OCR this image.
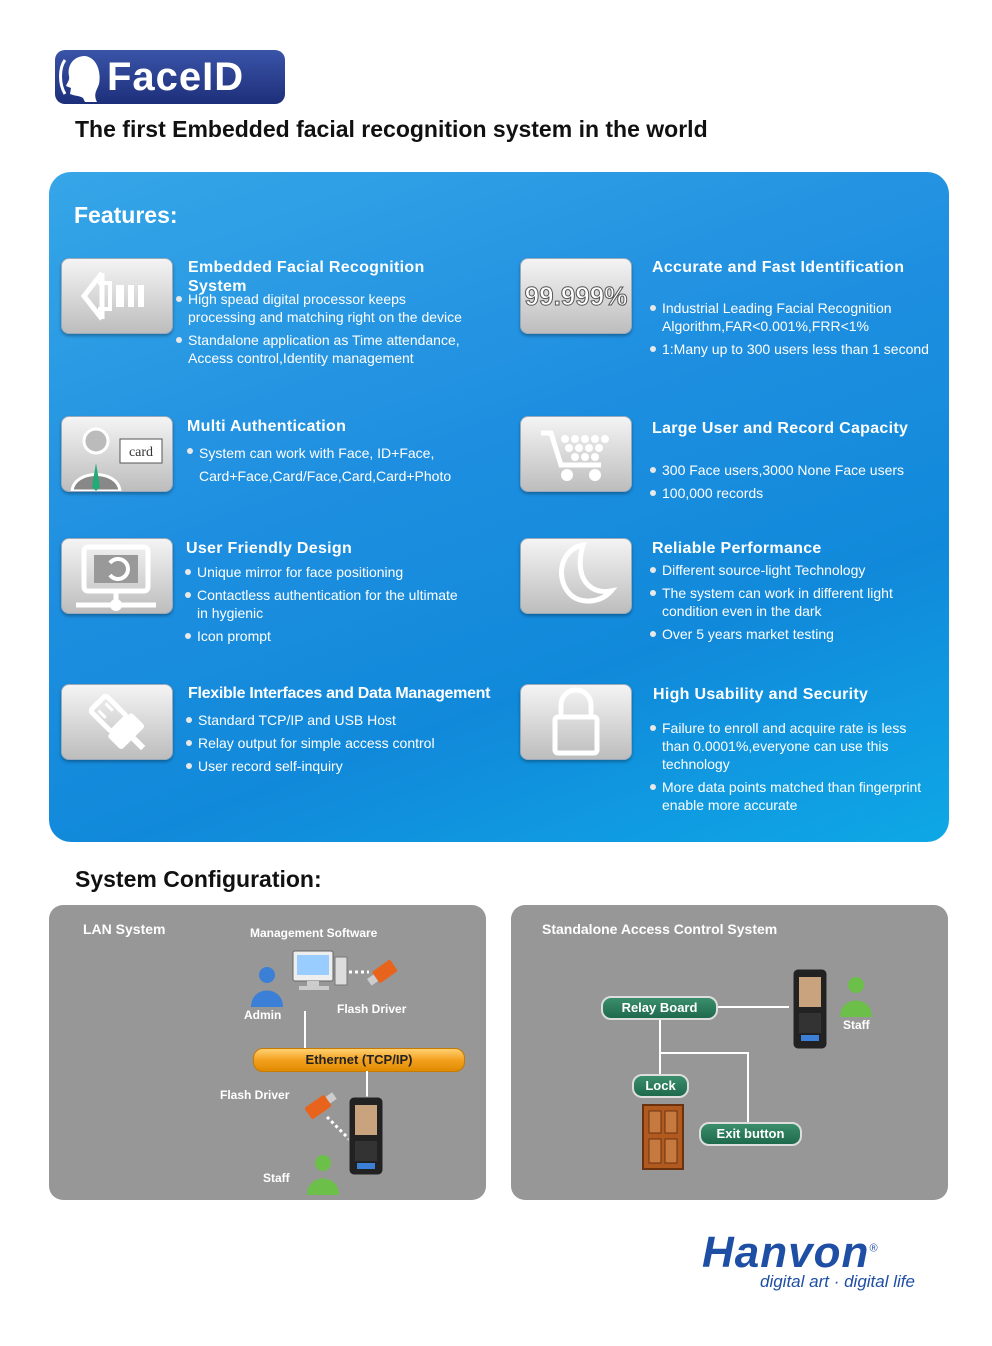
FaceID
The first Embedded facial recognition system in the world
Features:
Embedded Facial Recognition System
High spead digital processor keeps processing and matching right on the device
Standalone application as Time attendance, Access control,Identity management
99.999%
Accurate and Fast Identification
Industrial Leading Facial Recognition Algorithm,FAR<0.001%,FRR<1%
1:Many up to 300 users less than 1 second
card
Multi Authentication
System can work with Face, ID+Face, Card+Face,Card/Face,Card,Card+Photo
Large User and Record Capacity
300 Face users,3000 None Face users
100,000 records
User Friendly Design
Unique mirror for face positioning
Contactless authentication for the ultimate in hygienic
Icon prompt
Reliable Performance
Different source-light Technology
The system can work in different light condition even in the dark
Over 5 years market testing
Flexible Interfaces and Data Management
Standard TCP/IP and USB Host
Relay output for simple access control
User record self-inquiry
High Usability and Security
Failure to enroll and acquire rate is less than 0.0001%,everyone can use this technology
More data points matched than fingerprint enable more accurate
System Configuration:
LAN System	Management Software
Admin	Flash Driver
Ethernet (TCP/IP)
Flash Driver
Staff
Standalone Access Control System
Relay Board
Staff
Lock
Exit button
Hanvon®
digital art · digital life
